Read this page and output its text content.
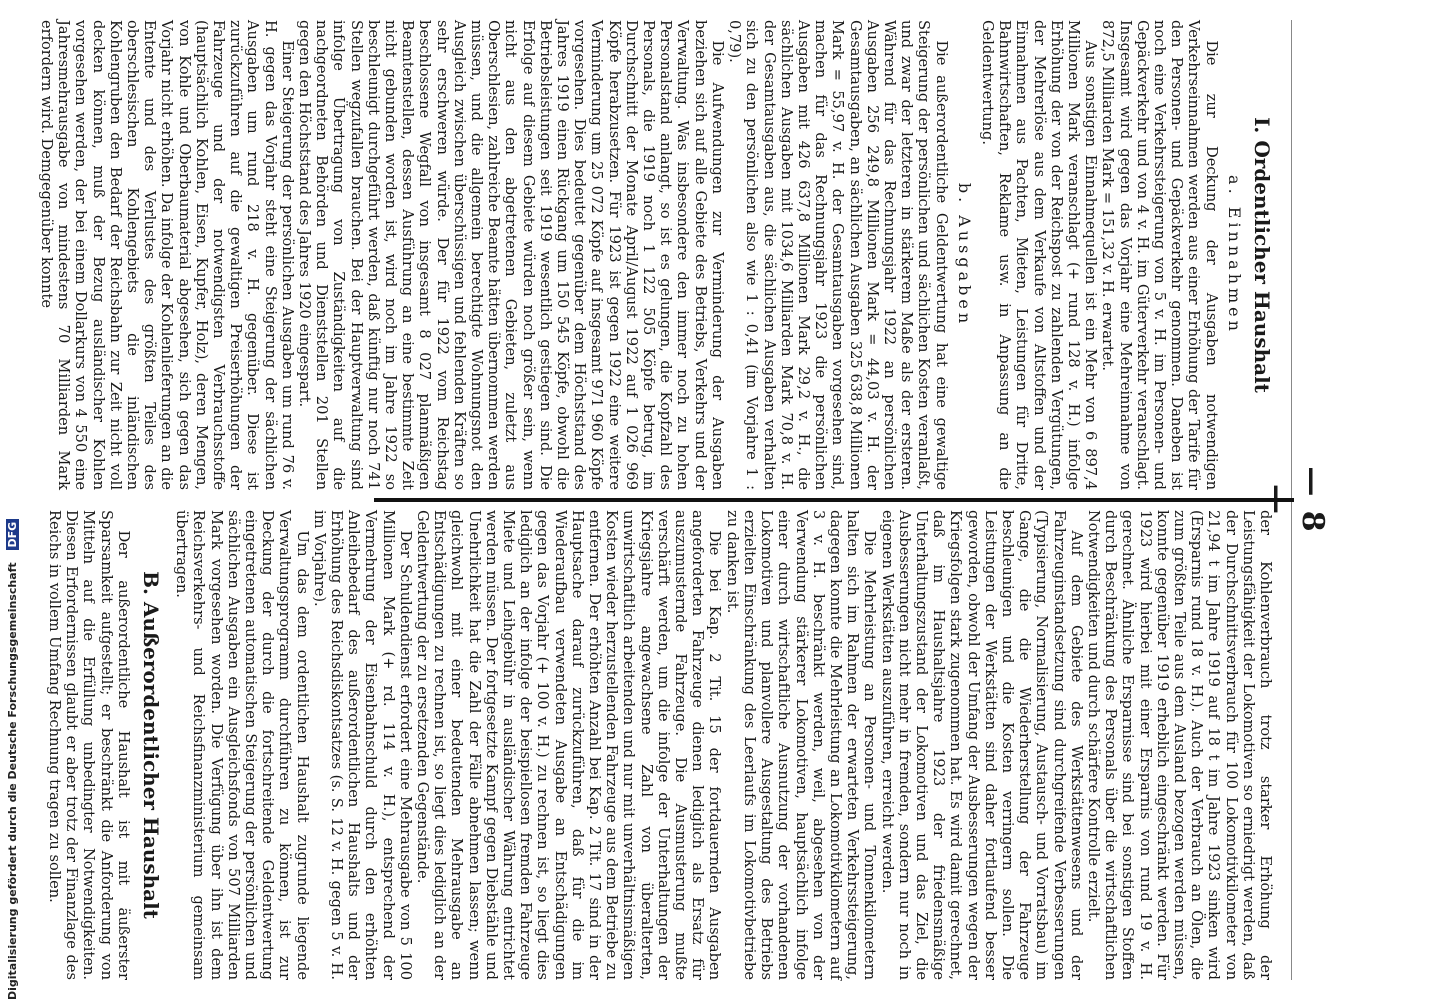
Digitalisierung gefördert durch die Deutsche Forschungsgemeinschaft DFG
— 8 —
I. Ordentlicher Haushalt
a. Einnahmen

Die zur Deckung der Ausgaben notwendigen Verkehrseinnahmen werden aus einer Erhöhung der Tarife für den Personen- und Gepäckverkehr genommen. Daneben ist noch eine Verkehrssteigerung von 5 v. H. im Personen- und Gepäckverkehr und von 4 v. H. im Güterverkehr veranschlagt. Insgesamt wird gegen das Vorjahr eine Mehreinnahme von 872,5 Milliarden Mark = 151,32 v. H. erwartet.

Aus sonstigen Einnahmequellen ist ein Mehr von 6 897,4 Millionen Mark veranschlagt (+ rund 128 v. H.) infolge Erhöhung der von der Reichspost zu zahlenden Vergütungen, der Mehrerlöse aus dem Verkaufe von Altstoffen und der Einnahmen aus Pachten, Mieten, Leistungen für Dritte, Bahnwirtschaften, Reklame usw. in Anpassung an die Geldentwertung.

b. Ausgaben

Die außerordentliche Geldentwertung hat eine gewaltige Steigerung der persönlichen und sächlichen Kosten veranlaßt, und zwar der letzteren in stärkerem Maße als der ersteren. Während für das Rechnungsjahr 1922 an persönlichen Ausgaben 256 249,8 Millionen Mark = 44,03 v. H. der Gesamtausgaben, an sächlichen Ausgaben 325 638,8 Millionen Mark = 55,97 v. H. der Gesamtausgaben vorgesehen sind, machen für das Rechnungsjahr 1923 die persönlichen Ausgaben mit 426 637,8 Millionen Mark 29,2 v. H., die sächlichen Ausgaben mit 1034,6 Milliarden Mark 70,8 v. H. der Gesamtausgaben aus, die sächlichen Ausgaben verhalten sich zu den persönlichen also wie 1 : 0,41 (im Vorjahre 1 : 0,79).

Die Aufwendungen zur Verminderung der Ausgaben beziehen sich auf alle Gebiete des Betriebs, Verkehrs und der Verwaltung. Was insbesondere den immer noch zu hohen Personalstand anlangt, so ist es gelungen, die Kopfzahl des Personals, die 1919 noch 1 122 505 Köpfe betrug, im Durchschnitt der Monate April/August 1922 auf 1 026 969 Köpfe herabzusetzen. Für 1923 ist gegen 1922 eine weitere Verminderung um 25 072 Köpfe auf insgesamt 971 960 Köpfe vorgesehen. Dies bedeutet gegenüber dem Höchststand des Jahres 1919 einen Rückgang um 150 545 Köpfe, obwohl die Betriebsleistungen seit 1919 wesentlich gestiegen sind. Die Erfolge auf diesem Gebiete würden noch größer sein, wenn nicht aus den abgetretenen Gebieten, zuletzt aus Oberschlesien, zahlreiche Beamte hätten übernommen werden müssen, und die allgemein berechtigte Wohnungsnot den Ausgleich zwischen überschüssigen und fehlenden Kräften so sehr erschweren würde. Der für 1922 vom Reichstag beschlossene Wegfall von insgesamt 8 027 planmäßigen Beamtenstellen, dessen Ausführung an eine bestimmte Zeit nicht gebunden worden ist, wird noch im Jahre 1922 so beschleunigt durchgeführt werden, daß künftig nur noch 741 Stellen wegzufallen brauchen. Bei der Hauptverwaltung sind infolge Übertragung von Zuständigkeiten auf die nachgeordneten Behörden und Dienststellen 201 Stellen gegen den Höchststand des Jahres 1920 eingespart.

Einer Steigerung der persönlichen Ausgaben um rund 76 v. H. gegen das Vorjahr steht eine Steigerung der sächlichen Ausgaben um rund 218 v. H. gegenüber. Diese ist zurückzuführen auf die gewaltigen Preiserhöhungen der Fahrzeuge und der notwendigsten Verbrauchsstoffe (hauptsächlich Kohlen, Eisen, Kupfer, Holz), deren Mengen, von Kohle und Oberbaumaterial abgesehen, sich gegen das Vorjahr nicht erhöhen. Da infolge der Kohlenlieferungen an die Entente und des Verlustes des größten Teiles des oberschlesischen Kohlengebiets die inländischen Kohlengruben den Bedarf der Reichsbahn zur Zeit nicht voll decken können, muß der Bezug ausländischer Kohlen vorgesehen werden, der bei einem Dollarkurs von 4 550 eine Jahresmehrausgabe von mindestens 70 Milliarden Mark erfordern wird. Demgegenüber konnte

der Kohlenverbrauch trotz starker Erhöhung der Leistungsfähigkeit der Lokomotiven so erniedrigt werden, daß der Durchschnittsverbrauch für 100 Lokomotivkilometer von 21,94 t im Jahre 1919 auf 18 t im Jahre 1923 sinken wird (Ersparnis rund 18 v. H.). Auch der Verbrauch an Ölen, die zum größten Teile aus dem Ausland bezogen werden müssen, konnte gegenüber 1919 erheblich eingeschränkt werden. Für 1923 wird hierbei mit einer Ersparnis von rund 19 v. H. gerechnet. Ähnliche Ersparnisse sind bei sonstigen Stoffen durch Beschränkung des Personals über die wirtschaftlichen Notwendigkeiten und durch schärfere Kontrolle erzielt.

Auf dem Gebiete des Werkstättenwesens und der Fahrzeuginstandsetzung sind durchgreifende Verbesserungen (Typisierung, Normalisierung, Austausch- und Vorratsbau) im Gange, die die Wiederherstellung der Fahrzeuge beschleunigen und die Kosten verringern sollen. Die Leistungen der Werkstätten sind daher fortlaufend besser geworden, obwohl der Umfang der Ausbesserungen wegen der Kriegsfolgen stark zugenommen hat. Es wird damit gerechnet, daß im Haushaltsjahre 1923 der friedensmäßige Unterhaltungszustand der Lokomotiven und das Ziel, die Ausbesserungen nicht mehr in fremden, sondern nur noch in eigenen Werkstätten auszuführen, erreicht werden.

Die Mehrleistung an Personen- und Tonnenkilometern halten sich im Rahmen der erwarteten Verkehrssteigerung, dagegen konnte die Mehrleistung an Lokomotivkilometern auf 3 v. H. beschränkt werden, weil, abgesehen von der Verwendung stärkerer Lokomotiven, hauptsächlich infolge einer durch wirtschaftliche Ausnutzung der vorhandenen Lokomotiven und planvollere Ausgestaltung des Betriebs erzielten Einschränkung des Leerlaufs im Lokomotivbetriebe zu danken ist.

Die bei Kap. 2 Tit. 15 der fortdauernden Ausgaben angeforderten Fahrzeuge dienen lediglich als Ersatz für auszumusternde Fahrzeuge. Die Ausmusterung mußte verschärft werden, um die infolge der Unterhaltungen der Kriegsjahre angewachsene Zahl von überalterten, unwirtschaftlich arbeitenden und nur mit unverhältnismäßigen Kosten wieder herzustellenden Fahrzeuge aus dem Betriebe zu entfernen. Der erhöhten Anzahl bei Kap. 2 Tit. 17 sind in der Hauptsache darauf zurückzuführen, daß für die im Wiederaufbau verwendeten Ausgabe an Entschädigungen gegen das Vorjahr (+ 100 v. H.) zu rechnen ist, so liegt dies lediglich an der infolge der beispiellosen fremden Fahrzeuge Miete und Leihgebühr in ausländischer Währung entrichtet werden müssen. Der fortgesetzte Kampf gegen Diebstähle und Unehrlichkeit hat die Zahl der Fälle abnehmen lassen; wenn gleichwohl mit einer bedeutenden Mehrausgabe an Entschädigungen zu rechnen ist, so liegt dies lediglich an der Geldentwertung der zu ersetzenden Gegenstände.

Der Schuldendienst erfordert eine Mehrausgabe von 5 100 Millionen Mark (+ rd. 114 v. H.), entsprechend der Vermehrung der Eisenbahnschuld durch den erhöhten Anleihebedarf des außerordentlichen Haushalts und der Erhöhung des Reichsdiskontsatzes (s. S. 12 v. H. gegen 5 v. H. im Vorjahre).

Um das dem ordentlichen Haushalt zugrunde liegende Verwaltungsprogramm durchführen zu können, ist zur Deckung der durch die fortschreitende Geldentwertung eingetretenen automatischen Steigerung der persönlichen und sächlichen Ausgaben ein Ausgleichsfonds von 507 Milliarden Mark vorgesehen worden. Die Verfügung über ihn ist dem Reichsverkehrs- und Reichsfinanzministerium gemeinsam übertragen.

B. Außerordentlicher Haushalt

Der außerordentliche Haushalt ist mit äußerster Sparsamkeit aufgestellt; er beschränkt die Anforderung von Mitteln auf die Erfüllung unbedingter Notwendigkeiten. Diesen Erfordernissen glaubt er aber trotz der Finanzlage des Reichs in vollem Umfang Rechnung tragen zu sollen.
